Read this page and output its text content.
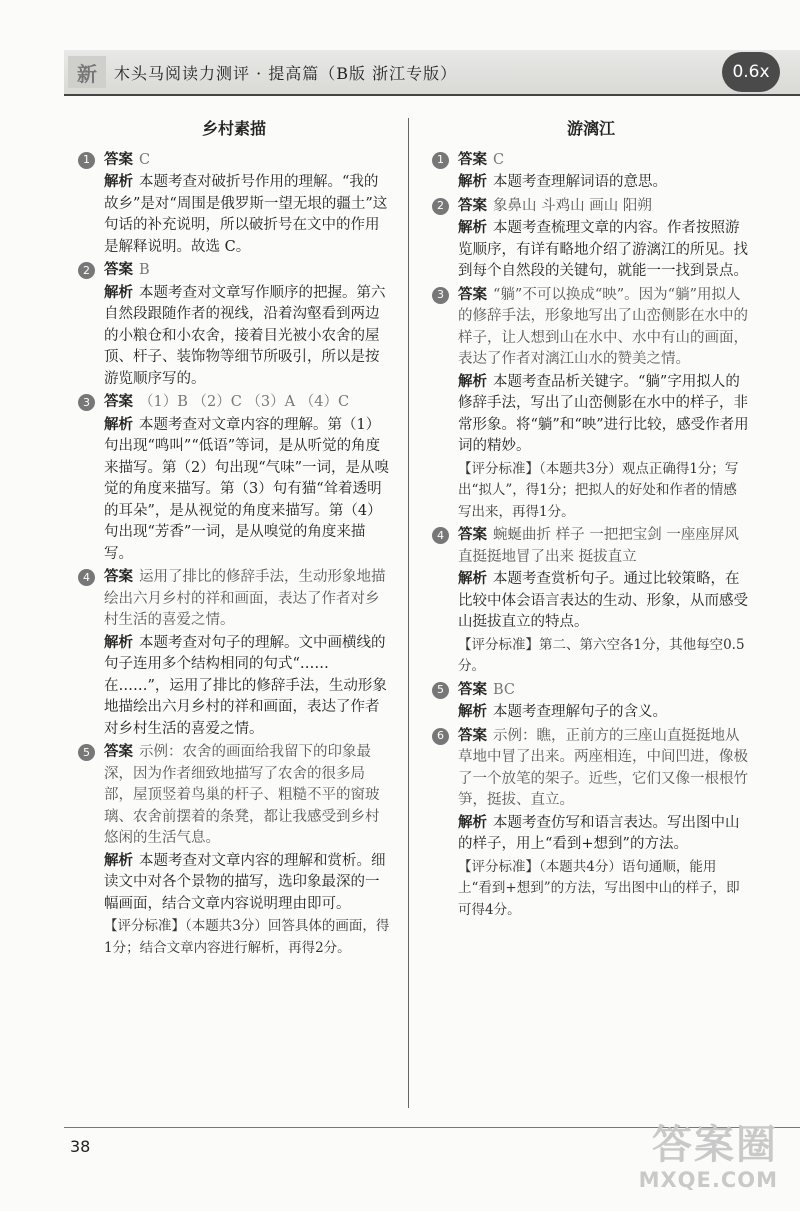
新	木头马阅读力测评 · 提高篇（B版 浙江专版）	0.6x
乡村素描
1 答案 C
解析 本题考查对破折号作用的理解。“我的故乡”是对“周围是俄罗斯一望无垠的疆土”这句话的补充说明，所以破折号在文中的作用是解释说明。故选 C。
2 答案 B
解析 本题考查对文章写作顺序的把握。第六自然段跟随作者的视线，沿着沟壑看到两边的小粮仓和小农舍，接着目光被小农舍的屋顶、杆子、装饰物等细节所吸引，所以是按游览顺序写的。
3 答案 （1）B （2）C （3）A （4）C
解析 本题考查对文章内容的理解。第（1）句出现“鸣叫”“低语”等词，是从听觉的角度来描写。第（2）句出现“气味”一词，是从嗅觉的角度来描写。第（3）句有猫“耸着透明的耳朵”，是从视觉的角度来描写。第（4）句出现“芳香”一词，是从嗅觉的角度来描写。
4 答案 运用了排比的修辞手法，生动形象地描绘出六月乡村的祥和画面，表达了作者对乡村生活的喜爱之情。
解析 本题考查对句子的理解。文中画横线的句子连用多个结构相同的句式“……在……”，运用了排比的修辞手法，生动形象地描绘出六月乡村的祥和画面，表达了作者对乡村生活的喜爱之情。
5 答案 示例：农舍的画面给我留下的印象最深，因为作者细致地描写了农舍的很多局部，屋顶竖着鸟巢的杆子、粗糙不平的窗玻璃、农舍前摆着的条凳，都让我感受到乡村悠闲的生活气息。
解析 本题考查对文章内容的理解和赏析。细读文中对各个景物的描写，选印象最深的一幅画面，结合文章内容说明理由即可。
【评分标准】（本题共3分）回答具体的画面，得1分；结合文章内容进行解析，再得2分。
游漓江
1 答案 C
解析 本题考查理解词语的意思。
2 答案 象鼻山 斗鸡山 画山 阳朔
解析 本题考查梳理文章的内容。作者按照游览顺序，有详有略地介绍了游漓江的所见。找到每个自然段的关键句，就能一一找到景点。
3 答案 “躺”不可以换成“映”。因为“躺”用拟人的修辞手法，形象地写出了山峦侧影在水中的样子，让人想到山在水中、水中有山的画面，表达了作者对漓江山水的赞美之情。
解析 本题考查品析关键字。“躺”字用拟人的修辞手法，写出了山峦侧影在水中的样子，非常形象。将“躺”和“映”进行比较，感受作者用词的精妙。
【评分标准】（本题共3分）观点正确得1分；写出“拟人”，得1分；把拟人的好处和作者的情感写出来，再得1分。
4 答案 蜿蜒曲折 样子 一把把宝剑 一座座屏风 直挺挺地冒了出来 挺拔直立
解析 本题考查赏析句子。通过比较策略，在比较中体会语言表达的生动、形象，从而感受山挺拔直立的特点。
【评分标准】第二、第六空各1分，其他每空0.5分。
5 答案 BC
解析 本题考查理解句子的含义。
6 答案 示例：瞧，正前方的三座山直挺挺地从草地中冒了出来。两座相连，中间凹进，像极了一个放笔的架子。近些，它们又像一根根竹笋，挺拔、直立。
解析 本题考查仿写和语言表达。写出图中山的样子，用上“看到+想到”的方法。
【评分标准】（本题共4分）语句通顺，能用上“看到+想到”的方法，写出图中山的样子，即可得4分。
38	答案圈
MXQE.COM
